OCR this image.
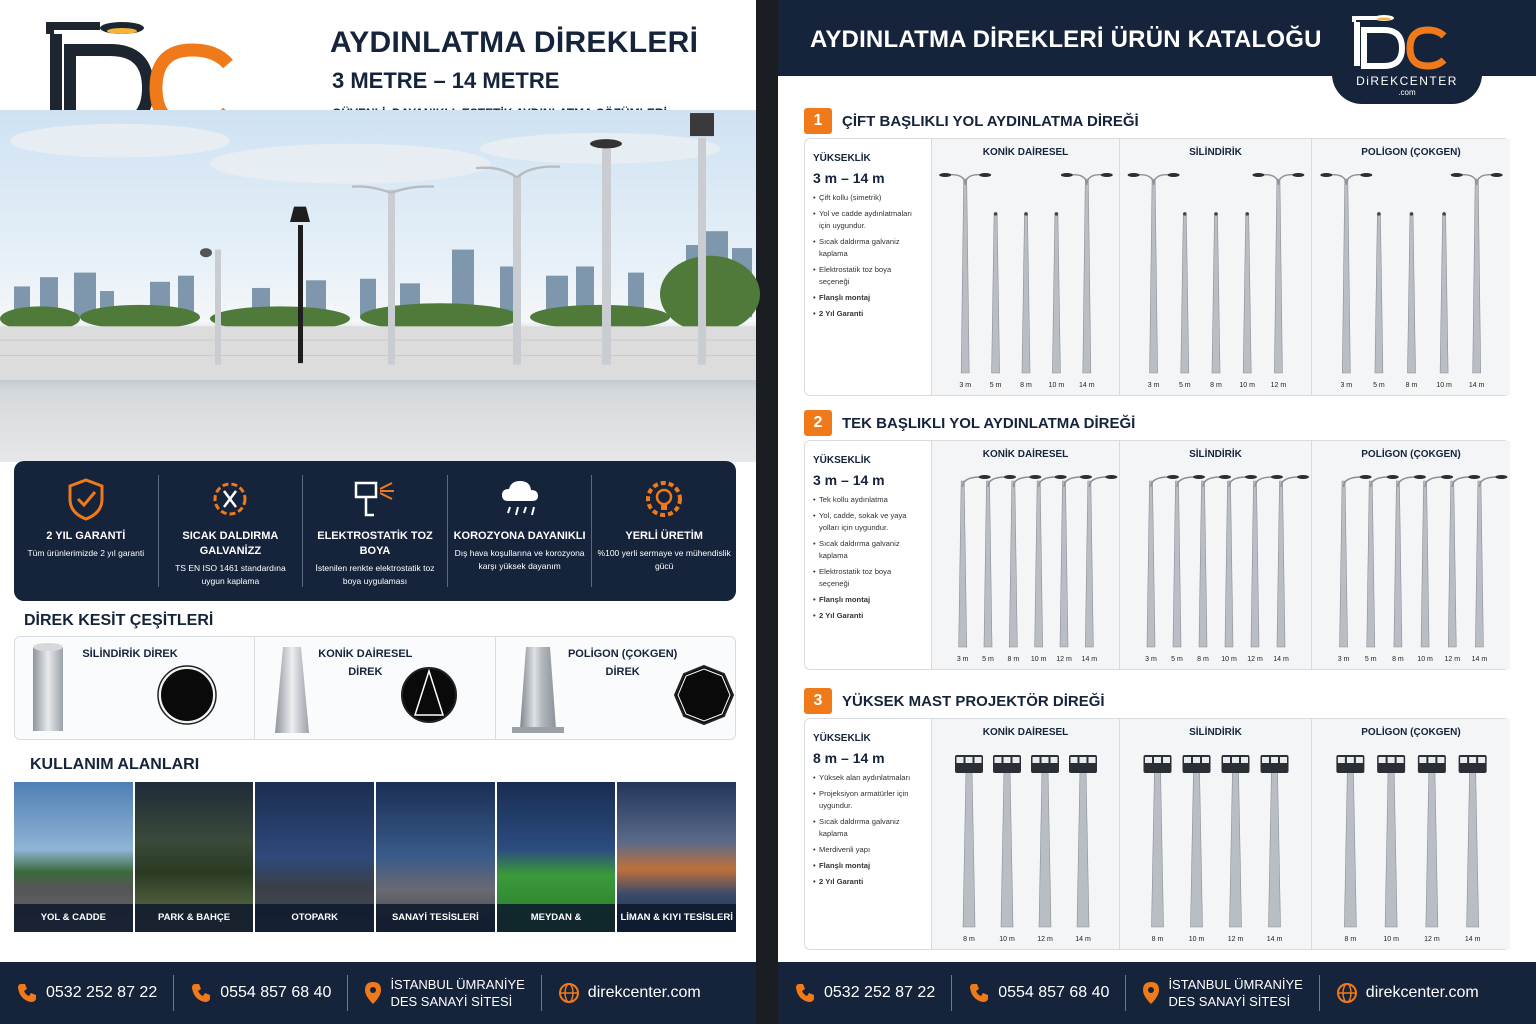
AYDINLATMA DİREKLERİ
3 METRE – 14 METRE
2 YIL GARANTİ
Tüm ürünlerimizde 2 yıl garanti
SICAK DALDIRMA GALVANİZZ
TS EN ISO 1461 standardına uygun kaplama
ELEKTROSTATİK TOZ BOYA
İstenilen renkte elektrostatik toz boya uygulaması
KOROZYONA DAYANIKLI
Dış hava koşullarına ve korozyona karşı yüksek dayanım
YERLİ ÜRETİM
%100 yerli sermaye ve mühendislik gücü
DİREK KESİT ÇEŞİTLERİ
SİLİNDİRİK DİREK	KONİK DAİRESEL
DİREK
POLİGON (ÇOKGEN)
DİREK
KULLANIM ALANLARI
YOL & CADDE	PARK & BAHÇE	OTOPARK	SANAYİ TESİSLERİ	MEYDAN & STADYUMLAR
LİMAN & KIYI TESİSLERİ
0532 252 87 22	0554 857 68 40	İSTANBUL ÜMRANİYE
DES SANAYİ SİTESİ
direkcenter.com
AYDINLATMA DİREKLERİ ÜRÜN KATALOĞU
DiREKCENTER
.com
1	ÇİFT BAŞLIKLI YOL AYDINLATMA DİREĞİ
2	TEK BAŞLIKLI YOL AYDINLATMA DİREĞİ
3	YÜKSEK MAST PROJEKTÖR DİREĞİ
YÜKSEKLİK
3 m – 14 m
• Çift kollu (simetrik)
• Yol ve cadde aydınlatmaları için uygundur.
• Sıcak daldırma galvaniz kaplama
• Elektrostatik toz boya seçeneği
• Flanşlı montaj
• 2 Yıl Garanti
KONİK DAİRESEL
3 m	5 m	8 m 10 m 14 m
SİLİNDİRİK
3 m	5 m	8 m	10 m 12 m
POLİGON (ÇOKGEN)
3 m	5 m	8 m	10 m 14 m
YÜKSEKLİK
3 m – 14 m
• Tek kollu aydınlatma
• Yol, cadde, sokak ve yaya yolları için uygundur.
• Sıcak daldırma galvaniz kaplama
• Elektrostatik toz boya seçeneği
• Flanşlı montaj
• 2 Yıl Garanti
KONİK DAİRESEL
3 m 5 m 8 m 10 m 12 m 14 m
SİLİNDİRİK
3 m 5 m 8 m 10 m 12 m 14 m
POLİGON (ÇOKGEN)
3 m 5 m 8 m 10 m 12 m 14 m
YÜKSEKLİK
8 m – 14 m
• Yüksek alan aydınlatmaları
• Projeksiyon armatürler için uygundur.
• Sıcak daldırma galvaniz kaplama
• Merdivenli yapı
• Flanşlı montaj
• 2 Yıl Garanti
KONİK DAİRESEL
8 m	10 m	12 m	14 m
SİLİNDİRİK
8 m	10 m	12 m	14 m
POLİGON (ÇOKGEN)
8 m	10 m	12 m	14 m
0532 252 87 22	0554 857 68 40	İSTANBUL ÜMRANİYE
DES SANAYİ SİTESİ
direkcenter.com
